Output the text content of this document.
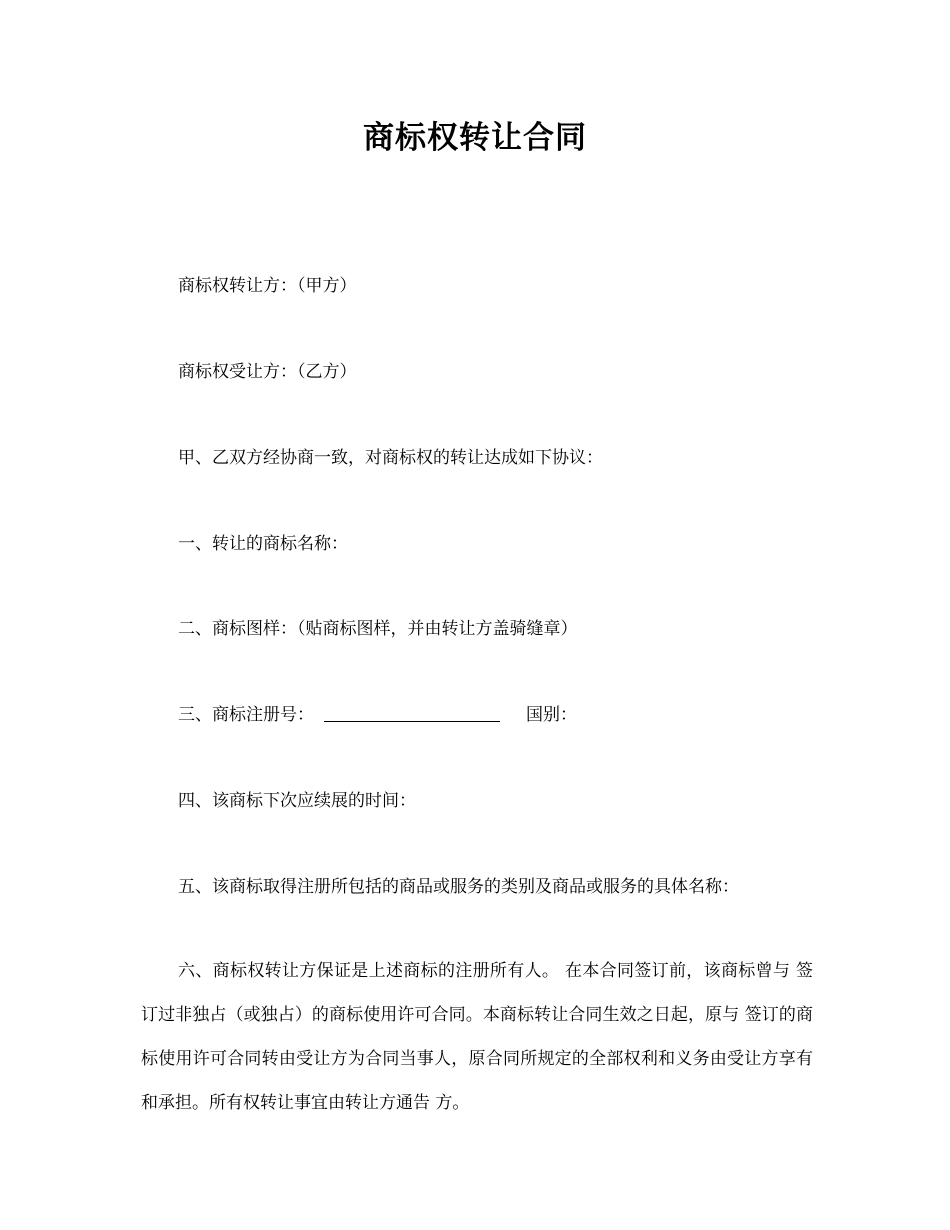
商标权转让合同
商标权转让方：（甲方）
商标权受让方：（乙方）
甲、乙双方经协商一致，对商标权的转让达成如下协议：
一、转让的商标名称：
二、商标图样：（贴商标图样，并由转让方盖骑缝章）
三、商标注册号：	国别：
四、该商标下次应续展的时间：
五、该商标取得注册所包括的商品或服务的类别及商品或服务的具体名称：
六、商标权转让方保证是上述商标的注册所有人。 在本合同签订前，该商标曾与 签订过非独占（或独占）的商标使用许可合同。本商标转让合同生效之日起，原与 签订的商标使用许可合同转由受让方为合同当事人，原合同所规定的全部权利和义务由受让方享有和承担。所有权转让事宜由转让方通告 方。
